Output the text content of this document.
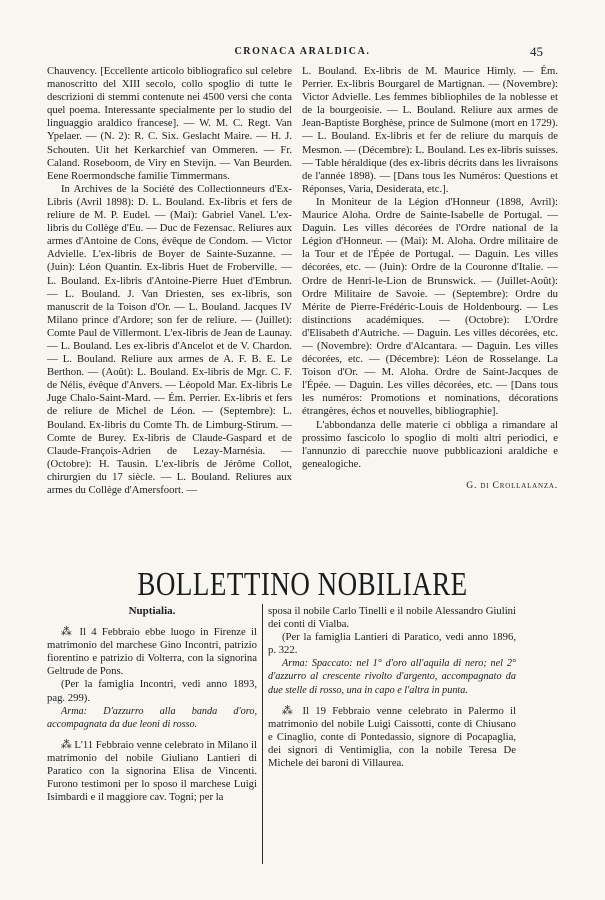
CRONACA ARALDICA.	45

Chauvency. [Eccellente articolo bibliografico sul celebre manoscritto del XIII secolo, collo spoglio di tutte le descrizioni di stemmi contenute nei 4500 versi che conta quel poema. Interessante specialmente per lo studio del linguaggio araldico francese]. — W. M. C. Regt. Van Ypelaer. — (N. 2): R. C. Six. Geslacht Maire. — H. J. Schouten. Uit het Kerkarchief van Ommeren. — Fr. Caland. Roseboom, de Viry en Stevijn. — Van Beurden. Eene Roermondsche familie Timmermans.

In Archives de la Société des Collectionneurs d'Ex-Libris (Avril 1898): D. L. Bouland. Ex-libris et fers de reliure de M. P. Eudel. — (Mai): Gabriel Vanel. L'ex-libris du Collège d'Eu. — Duc de Fezensac. Reliures aux armes d'Antoine de Cons, évêque de Condom. — Victor Advielle. L'ex-libris de Boyer de Sainte-Suzanne. — (Juin): Léon Quantin. Ex-libris Huet de Froberville. — L. Bouland. Ex-libris d'Antoine-Pierre Huet d'Embrun. — L. Bouland. J. Van Driesten, ses ex-libris, son manuscrit de la Toison d'Or. — L. Bouland. Jacques IV Milano prince d'Ardore; son fer de reliure. — (Juillet): Comte Paul de Villermont. L'ex-libris de Jean de Launay. — L. Bouland. Les ex-libris d'Ancelot et de V. Chardon. — L. Bouland. Reliure aux armes de A. F. B. E. Le Berthon. — (Août): L. Bouland. Ex-libris de Mgr. C. F. de Nélis, évêque d'Anvers. — Léopold Mar. Ex-libris Le Juge Chalo-Saint-Mard. — Ém. Perrier. Ex-libris et fers de reliure de Michel de Léon. — (Septembre): L. Bouland. Ex-libris du Comte Th. de Limburg-Stirum. — Comte de Burey. Ex-libris de Claude-Gaspard et de Claude-François-Adrien de Lezay-Marnésia. — (Octobre): H. Tausin. L'ex-libris de Jérôme Collot, chirurgien du 17 siècle. — L. Bouland. Reliures aux armes du Collège d'Amersfoort. —

L. Bouland. Ex-libris de M. Maurice Himly. — Ém. Perrier. Ex-libris Bourgarel de Martignan. — (Novembre): Victor Advielle. Les femmes bibliophiles de la noblesse et de la bourgeoisie. — L. Bouland. Reliure aux armes de Jean-Baptiste Borghèse, prince de Sulmone (mort en 1729). — L. Bouland. Ex-libris et fer de reliure du marquis de Mesmon. — (Décembre): L. Bouland. Les ex-libris suisses. — Table héraldique (des ex-libris décrits dans les livraisons de l'année 1898). — [Dans tous les Numéros: Questions et Réponses, Varia, Desiderata, etc.].

In Moniteur de la Légion d'Honneur (1898, Avril): Maurice Aloha. Ordre de Sainte-Isabelle de Portugal. — Daguin. Les villes décorées de l'Ordre national de la Légion d'Honneur. — (Mai): M. Aloha. Ordre militaire de la Tour et de l'Épée de Portugal. — Daguin. Les villes décorées, etc. — (Juin): Ordre de la Couronne d'Italie. — Ordre de Henri-le-Lion de Brunswick. — (Juillet-Août): Ordre Militaire de Savoie. — (Septembre): Ordre du Mérite de Pierre-Frédéric-Louis de Holdenbourg. — Les distinctions académiques. — (Octobre): L'Ordre d'Elisabeth d'Autriche. — Daguin. Les villes décorées, etc. — (Novembre): Ordre d'Alcantara. — Daguin. Les villes décorées, etc. — (Décembre): Léon de Rosselange. La Toison d'Or. — M. Aloha. Ordre de Saint-Jacques de l'Épée. — Daguin. Les villes décorées, etc. — [Dans tous les numéros: Promotions et nominations, décorations étrangères, échos et nouvelles, bibliographie].

L'abbondanza delle materie ci obbliga a rimandare al prossimo fascicolo lo spoglio di molti altri periodici, e l'annunzio di parecchie nuove pubblicazioni araldiche e genealogiche.

G. di Crollalanza.

BOLLETTINO NOBILIARE

Nuptialia.

⁂ Il 4 Febbraio ebbe luogo in Firenze il matrimonio del marchese Gino Incontri, patrizio fiorentino e patrizio di Volterra, con la signorina Geltrude de Pons.

(Per la famiglia Incontri, vedi anno 1893, pag. 299).

Arma: D'azzurro alla banda d'oro, accompagnata da due leoni di rosso.

⁂ L'11 Febbraio venne celebrato in Milano il matrimonio del nobile Giuliano Lantieri di Paratico con la signorina Elisa de Vincenti. Furono testimoni per lo sposo il marchese Luigi Isimbardi e il maggiore cav. Togni; per la

sposa il nobile Carlo Tinelli e il nobile Alessandro Giulini dei conti di Vialba.

(Per la famiglia Lantieri di Paratico, vedi anno 1896, p. 322.

Arma: Spaccato: nel 1° d'oro all'aquila di nero; nel 2° d'azzurro al crescente rivolto d'argento, accompagnato da due stelle di rosso, una in capo e l'altra in punta.

⁂ Il 19 Febbraio venne celebrato in Palermo il matrimonio del nobile Luigi Caissotti, conte di Chiusano e Cinaglio, conte di Pontedassio, signore di Pocapaglia, dei signori di Ventimiglia, con la nobile Teresa De Michele dei baroni di Villaurea.
